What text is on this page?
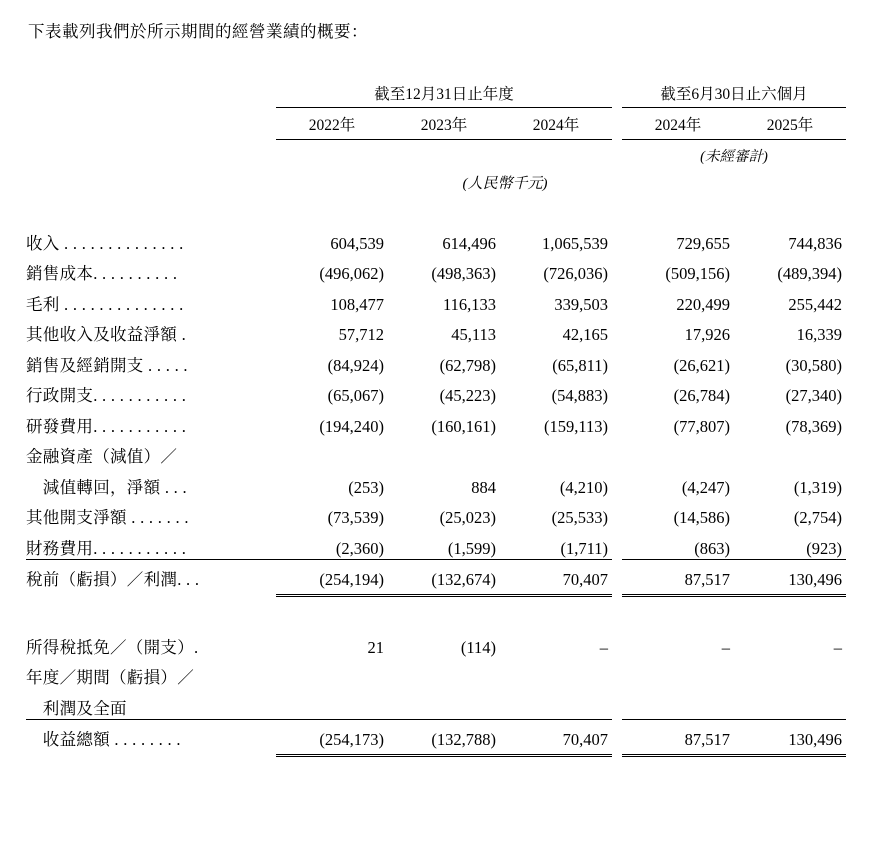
下表載列我們於所示期間的經營業績的概要：
	截至12月31日止年度				截至6月30日止六個月	
	2022年	2023年	2024年		2024年	2025年
					(未經審計)	
		(人民幣千元)				

收入 . . . . . . . . . . . . . .	604,539	614,496	1,065,539		729,655	744,836
銷售成本. . . . . . . . . .	(496,062)	(498,363)	(726,036)		(509,156)	(489,394)
毛利 . . . . . . . . . . . . . .	108,477	116,133	339,503		220,499	255,442
其他收入及收益淨額 .	57,712	45,113	42,165		17,926	16,339
銷售及經銷開支 . . . . .	(84,924)	(62,798)	(65,811)		(26,621)	(30,580)
行政開支. . . . . . . . . . .	(65,067)	(45,223)	(54,883)		(26,784)	(27,340)
研發費用. . . . . . . . . . .	(194,240)	(160,161)	(159,113)		(77,807)	(78,369)
金融資產（減值）／						
　減值轉回，淨額 . . .	(253)	884	(4,210)		(4,247)	(1,319)
其他開支淨額 . . . . . . .	(73,539)	(25,023)	(25,533)		(14,586)	(2,754)
財務費用. . . . . . . . . . .	(2,360)	(1,599)	(1,711)		(863)	(923)
稅前（虧損）／利潤. . .	(254,194)	(132,674)	70,407		87,517	130,496

所得稅抵免／（開支）.	21	(114)	–		–	–
年度／期間（虧損）／						
　利潤及全面						
　收益總額 . . . . . . . .	(254,173)	(132,788)	70,407		87,517	130,496
